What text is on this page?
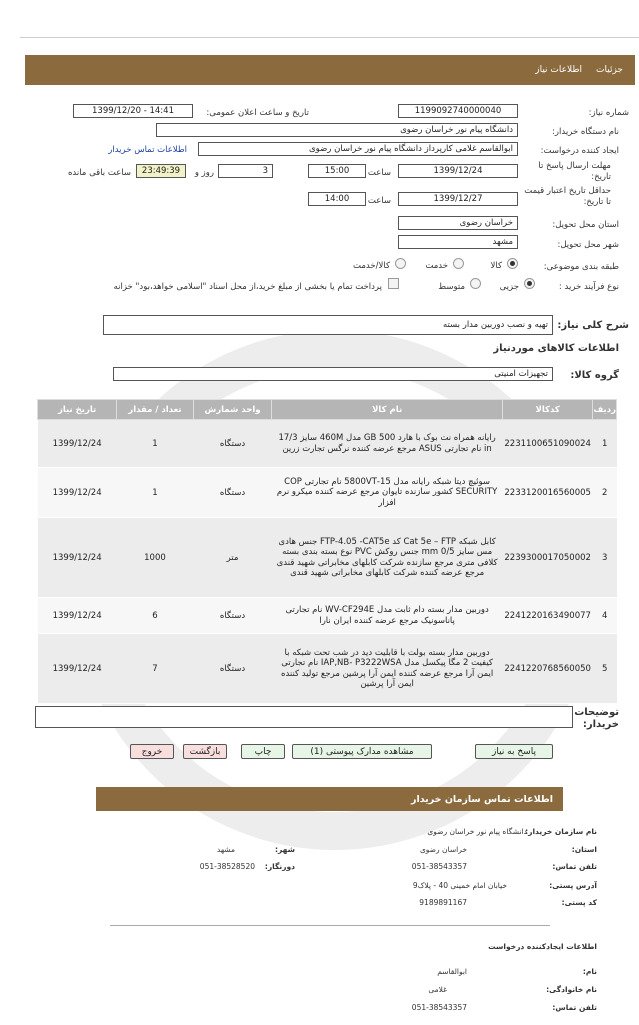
جزئیات
اطلاعات نیاز
شماره نیاز:
1199092740000040
تاریخ و ساعت اعلان عمومی:
1399/12/20 - 14:41
نام دستگاه خریدار:
دانشگاه پیام نور خراسان رضوی
ایجاد کننده درخواست:
ابوالقاسم غلامی کارپرداز دانشگاه پیام نور خراسان رضوی
اطلاعات تماس خریدار
مهلت ارسال پاسخ تا تاریخ:
1399/12/24
ساعت
15:00
3
روز و
23:49:39
ساعت باقی مانده
حداقل تاریخ اعتبار قیمت تا تاریخ:
1399/12/27
ساعت
14:00
استان محل تحویل:
خراسان رضوی
شهر محل تحویل:
مشهد
طبقه بندی موضوعی:
کالا
خدمت
کالا/خدمت
نوع فرآیند خرید :
جزیی
متوسط
پرداخت تمام یا بخشی از مبلغ خرید،از محل اسناد "اسلامی خواهد،بود" خزانه
شرح کلی نیاز:
تهیه و نصب دوربین مدار بسته
اطلاعات کالاهای موردنیاز
گروه کالا:
تجهیزات امنیتی
ردیف	کدکالا	نام کالا	واحد شمارش	تعداد / مقدار	تاریخ نیاز
1	2231100651090024	رایانه همراه نت بوک با هارد 500 GB مدل 460M سایز 17/3 in نام تجارتی ASUS مرجع عرضه کننده نرگس تجارت زرین	دستگاه	1	1399/12/24
2	2233120016560005	سوئیچ دیتا شبکه رایانه مدل 15-5800VT نام تجارتی COP SECURITY کشور سازنده تایوان مرجع عرضه کننده میکرو نرم افزار	دستگاه	1	1399/12/24
3	2239300017050002	کابل شبکه Cat 5e – FTP کد FTP-4.05 -CAT5e جنس هادی مس سایز 0/5 mm جنس روکش PVC نوع بسته بندی بسته کلافی متری مرجع سازنده شرکت کابلهای مخابراتی شهید قندی مرجع عرضه کننده شرکت کابلهای مخابراتی شهید قندی	متر	1000	1399/12/24
4	2241220163490077	دوربین مدار بسته دام ثابت مدل WV-CF294E نام تجارتی پاناسونیک مرجع عرضه کننده ایران نارا	دستگاه	6	1399/12/24
5	2241220768560050	دوربین مدار بسته بولت با قابلیت دید در شب تحت شبکه با کیفیت 2 مگا پیکسل مدل IAP,NB- P3222WSA نام تجارتی ایمن آرا مرجع عرضه کننده ایمن آرا پرشین مرجع تولید کننده ایمن آرا پرشین	دستگاه	7	1399/12/24
توضیحات خریدار:
پاسخ به نیاز
مشاهده مدارک پیوستی (1)
چاپ
بازگشت
خروج
اطلاعات تماس سازمان خریدار
نام سازمان خریدار:
دانشگاه پیام نور خراسان رضوی
استان:
خراسان رضوی
شهر:
مشهد
تلفن تماس:
051-38543357
دورنگار:
051-38528520
آدرس پستی:
خیابان امام خمینی 40 - پلاک9
کد پستی:
9189891167
اطلاعات ایجادکننده درخواست
نام:
ابوالقاسم
نام خانوادگی:
غلامی
تلفن تماس:
051-38543357
